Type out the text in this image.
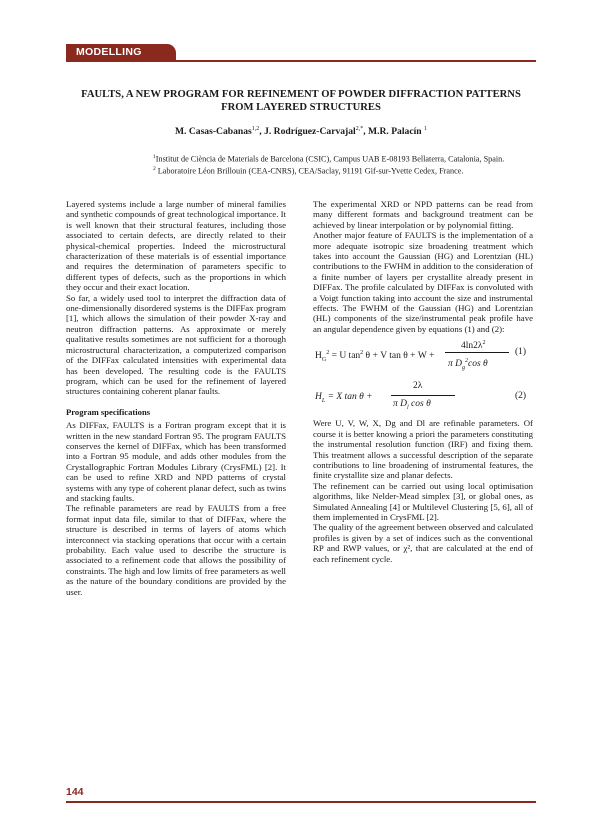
MODELLING
FAULTS, A NEW PROGRAM FOR REFINEMENT OF POWDER DIFFRACTION PATTERNS FROM LAYERED STRUCTURES
M. Casas-Cabanas$^{1,2}$, J. Rodríguez-Carvajal$^{2,*}$, M.R. Palacín $^1$
$^1$Institut de Ciència de Materials de Barcelona (CSIC), Campus UAB E-08193 Bellaterra, Catalonia, Spain.
$^2$ Laboratoire Léon Brillouin (CEA-CNRS), CEA/Saclay, 91191 Gif-sur-Yvette Cedex, France.

Layered systems include a large number of mineral families and synthetic compounds of great technological importance. It is well known that their structural features, including those associated to certain defects, are directly related to their physical-chemical properties. Indeed the microstructural characterization of these materials is of essential importance and requires the determination of parameters specific to different types of defects, such as the proportions in which they occur and their exact location.

So far, a widely used tool to interpret the diffraction data of one-dimensionally disordered systems is the DIFFax program [1], which allows the simulation of their powder X-ray and neutron diffraction patterns. As approximate or merely qualitative results sometimes are not sufficient for a thorough microstructural characterization, a computerized comparison of the DIFFax calculated intensities with experimental data has been developed. The resulting code is the FAULTS program, which can be used for the refinement of layered structures containing coherent planar faults.

Program specifications

As DIFFax, FAULTS is a Fortran program except that it is written in the new standard Fortran 95. The program FAULTS conserves the kernel of DIFFax, which has been transformed into a Fortran 95 module, and adds other modules from the Crystallographic Fortran Modules Library (CrysFML) [2]. It can be used to refine XRD and NPD patterns of crystal systems with any type of coherent planar defect, such as twins and stacking faults.

The refinable parameters are read by FAULTS from a free format input data file, similar to that of DIFFax, where the structure is described in terms of layers of atoms which interconnect via stacking operations that occur with a certain probability. Each value used to describe the structure is associated to a refinement code that allows the possibility of constraints. The high and low limits of free parameters as well as the nature of the boundary conditions are provided by the user.

The experimental XRD or NPD patterns can be read from many different formats and background treatment can be achieved by linear interpolation or by polynomial fitting.

Another major feature of FAULTS is the implementation of a more adequate isotropic size broadening treatment which takes into account the Gaussian (HG) and Lorentzian (HL) contributions to the FWHM in addition to the consideration of a finite number of layers per crystallite already present in DIFFax. The profile calculated by DIFFax is convoluted with a Voigt function taking into account the size and instrumental effects. The FWHM of the Gaussian (HG) and Lorentzian (HL) components of the size/instrumental peak profile have an angular dependence given by equations (1) and (2):

$H_G^2 = U$ $\tan^2 \theta + V$ tan θ + W +
$4\ln 2\lambda^2$
π $D_g^2\cos$ θ
(1)
$H_L = X$ tan θ +
2λ
π $D_l$ cos θ
(2)

Were U, V, W, X, Dg and Dl are refinable parameters. Of course it is better knowing a priori the parameters constituting the instrumental resolution function (IRF) and fixing them. This treatment allows a successful description of the separate contributions to line broadening of instrumental features, the finite crystallite size and planar defects.

The refinement can be carried out using local optimisation algorithms, like Nelder-Mead simplex [3], or global ones, as Simulated Annealing [4] or Multilevel Clustering [5, 6], all of them implemented in CrysFML [2].

The quality of the agreement between observed and calculated profiles is given by a set of indices such as the conventional RP and RWP values, or χ², that are calculated at the end of each refinement cycle.

144
